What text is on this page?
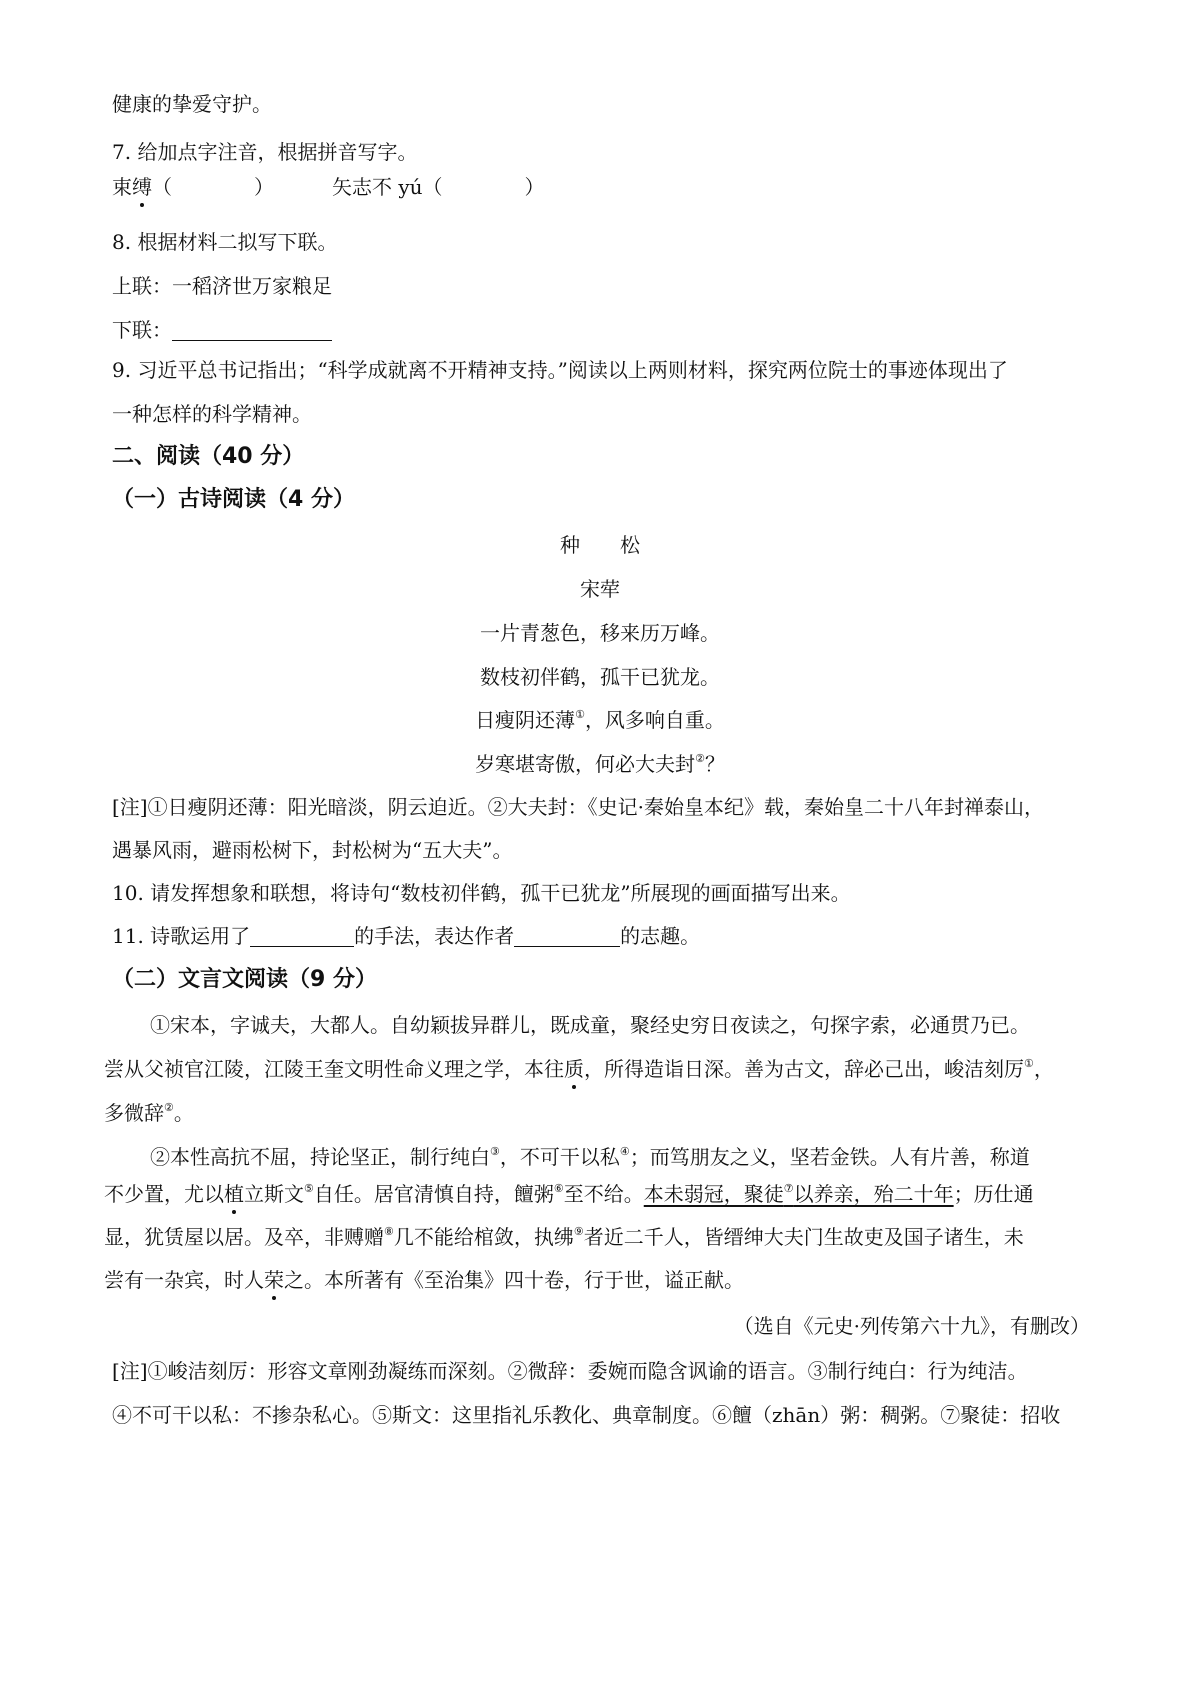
健康的挚爱守护。
7. 给加点字注音，根据拼音写字。
束缚（	）	矢志不 yú（	）
8. 根据材料二拟写下联。
上联：一稻济世万家粮足
下联：
9. 习近平总书记指出；“科学成就离不开精神支持。”阅读以上两则材料，探究两位院士的事迹体现出了
一种怎样的科学精神。
二、阅读（40 分）
（一）古诗阅读（4 分）
种　　松
宋荦
一片青葱色，移来历万峰。
数枝初伴鹤，孤干已犹龙。
日瘦阴还薄①，风多响自重。
岁寒堪寄傲，何必大夫封②？
[注]①日瘦阴还薄：阳光暗淡，阴云迫近。②大夫封：《史记·秦始皇本纪》载，秦始皇二十八年封禅泰山，
遇暴风雨，避雨松树下，封松树为“五大夫”。
10. 请发挥想象和联想，将诗句“数枝初伴鹤，孤干已犹龙”所展现的画面描写出来。
11. 诗歌运用了	的手法，表达作者	的志趣。
（二）文言文阅读（9 分）
①宋本，字诚夫，大都人。自幼颖拔异群儿，既成童，聚经史穷日夜读之，句探字索，必通贯乃已。
尝从父祯官江陵，江陵王奎文明性命义理之学，本往质，所得造诣日深。善为古文，辞必己出，峻洁刻厉①，
多微辞②。
②本性高抗不屈，持论坚正，制行纯白③，不可干以私④；而笃朋友之义，坚若金铁。人有片善，称道
不少置，尤以植立斯文⑤自任。居官清慎自持，饘粥⑥至不给。本未弱冠，聚徒⑦以养亲，殆二十年；历仕通
显，犹赁屋以居。及卒，非赙赠⑧几不能给棺敛，执绋⑨者近二千人，皆缙绅大夫门生故吏及国子诸生，未
尝有一杂宾，时人荣之。本所著有《至治集》四十卷，行于世，谥正献。
（选自《元史·列传第六十九》，有删改）
[注]①峻洁刻厉：形容文章刚劲凝练而深刻。②微辞：委婉而隐含讽谕的语言。③制行纯白：行为纯洁。
④不可干以私：不掺杂私心。⑤斯文：这里指礼乐教化、典章制度。⑥饘（zhān）粥：稠粥。⑦聚徒：招收
